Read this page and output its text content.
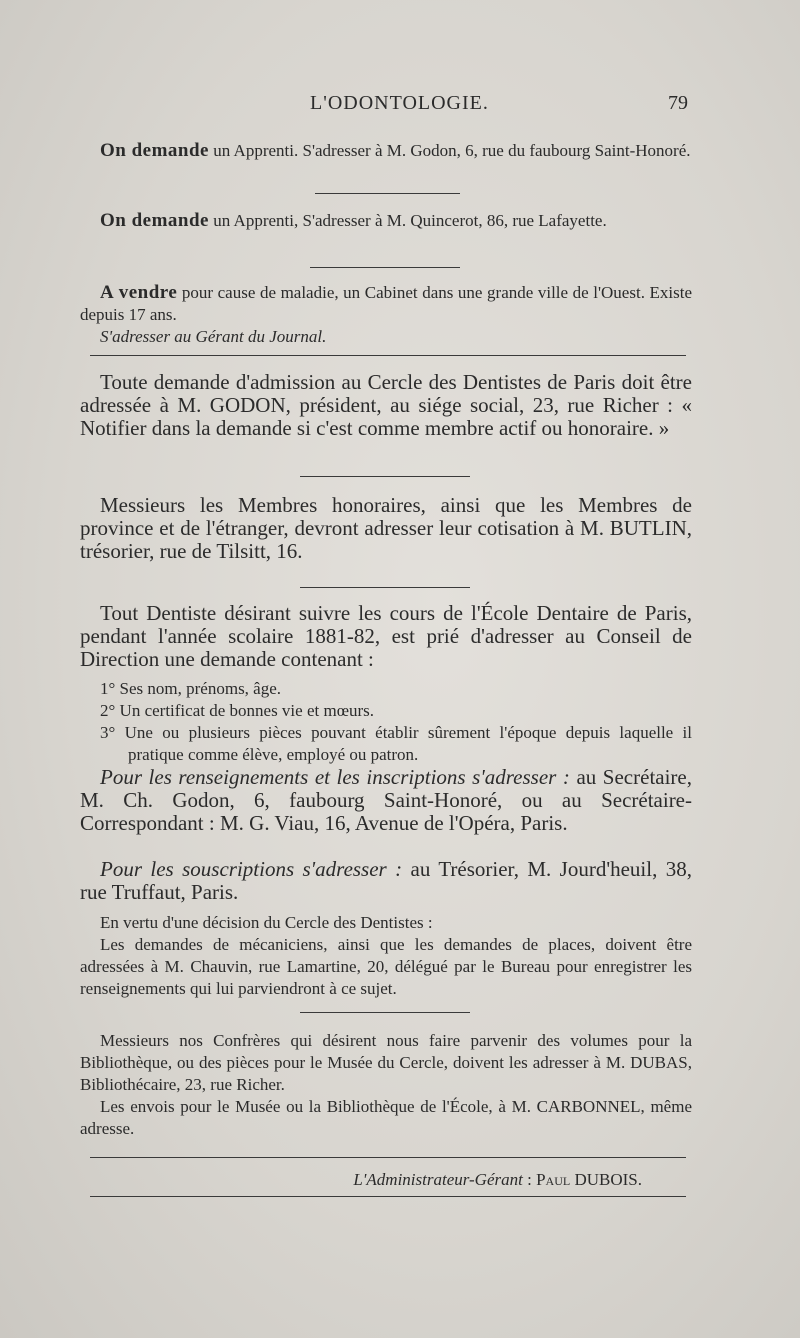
L'ODONTOLOGIE.	79

On demande un Apprenti. S'adresser à M. Godon, 6, rue du faubourg Saint-Honoré.

On demande un Apprenti, S'adresser à M. Quincerot, 86, rue Lafayette.

A vendre pour cause de maladie, un Cabinet dans une grande ville de l'Ouest. Existe depuis 17 ans.

S'adresser au Gérant du Journal.

Toute demande d'admission au Cercle des Dentistes de Paris doit être adressée à M. GODON, président, au siége social, 23, rue Richer : « Notifier dans la demande si c'est comme membre actif ou honoraire. »

Messieurs les Membres honoraires, ainsi que les Membres de province et de l'étranger, devront adresser leur cotisation à M. BUTLIN, trésorier, rue de Tilsitt, 16.

Tout Dentiste désirant suivre les cours de l'École Dentaire de Paris, pendant l'année scolaire 1881-82, est prié d'adresser au Conseil de Direction une demande contenant :

1° Ses nom, prénoms, âge.

2° Un certificat de bonnes vie et mœurs.

3° Une ou plusieurs pièces pouvant établir sûrement l'époque depuis laquelle il pratique comme élève, employé ou patron.

Pour les renseignements et les inscriptions s'adresser : au Secrétaire, M. Ch. Godon, 6, faubourg Saint-Honoré, ou au Secrétaire-Correspondant : M. G. Viau, 16, Avenue de l'Opéra, Paris.

Pour les souscriptions s'adresser : au Trésorier, M. Jourd'heuil, 38, rue Truffaut, Paris.

En vertu d'une décision du Cercle des Dentistes :

Les demandes de mécaniciens, ainsi que les demandes de places, doivent être adressées à M. Chauvin, rue Lamartine, 20, délégué par le Bureau pour enregistrer les renseignements qui lui parviendront à ce sujet.

Messieurs nos Confrères qui désirent nous faire parvenir des volumes pour la Bibliothèque, ou des pièces pour le Musée du Cercle, doivent les adresser à M. DUBAS, Bibliothécaire, 23, rue Richer.

Les envois pour le Musée ou la Bibliothèque de l'École, à M. CARBONNEL, même adresse.

L'Administrateur-Gérant : Paul DUBOIS.
